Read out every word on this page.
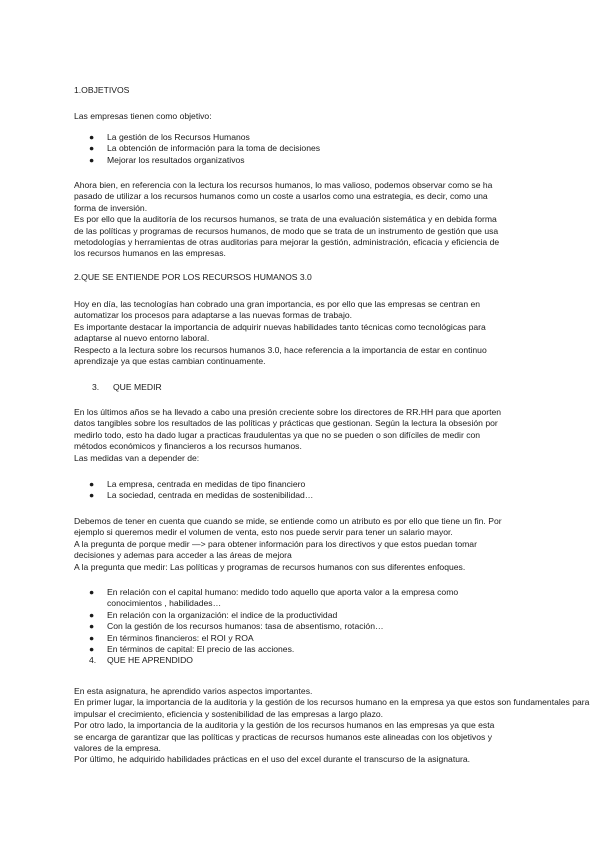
1.OBJETIVOS

Las empresas tienen como objetivo:

● La gestión de los Recursos Humanos
● La obtención de información para la toma de decisiones
● Mejorar los resultados organizativos

Ahora bien, en referencia con la lectura los recursos humanos, lo mas valioso, podemos observar como se ha

pasado de utilizar a los recursos humanos como un coste a usarlos como una estrategia, es decir, como una

forma de inversión.

Es por ello que la auditoría de los recursos humanos, se trata de una evaluación sistemática y en debida forma

de las políticas y programas de recursos humanos, de modo que se trata de un instrumento de gestión que usa

metodologías y herramientas de otras auditorias para mejorar la gestión, administración, eficacia y eficiencia de

los recursos humanos en las empresas.

2.QUE SE ENTIENDE POR LOS RECURSOS HUMANOS 3.0

Hoy en día, las tecnologías han cobrado una gran importancia, es por ello que las empresas se centran en

automatizar los procesos para adaptarse a las nuevas formas de trabajo.

Es importante destacar la importancia de adquirir nuevas habilidades tanto técnicas como tecnológicas para

adaptarse al nuevo entorno laboral.

Respecto a la lectura sobre los recursos humanos 3.0, hace referencia a la importancia de estar en continuo

aprendizaje ya que estas cambian continuamente.

3. QUE MEDIR

En los últimos años se ha llevado a cabo una presión creciente sobre los directores de RR.HH para que aporten

datos tangibles sobre los resultados de las políticas y prácticas que gestionan. Según la lectura la obsesión por

medirlo todo, esto ha dado lugar a practicas fraudulentas ya que no se pueden o son difíciles de medir con

métodos económicos y financieros a los recursos humanos.

Las medidas van a depender de:

● La empresa, centrada en medidas de tipo financiero
● La sociedad, centrada en medidas de sostenibilidad…

Debemos de tener en cuenta que cuando se mide, se entiende como un atributo es por ello que tiene un fin. Por

ejemplo si queremos medir el volumen de venta, esto nos puede servir para tener un salario mayor.

A la pregunta de porque medir —> para obtener información para los directivos y que estos puedan tomar

decisiones y ademas para acceder a las áreas de mejora

A la pregunta que medir: Las políticas y programas de recursos humanos con sus diferentes enfoques.

● En relación con el capital humano: medido todo aquello que aporta valor a la empresa como
conocimientos , habilidades…
● En relación con la organización: el indice de la productividad
● Con la gestión de los recursos humanos: tasa de absentismo, rotación…
● En términos financieros: el ROI y ROA
● En términos de capital: El precio de las acciones.
4. QUE HE APRENDIDO

En esta asignatura, he aprendido varios aspectos importantes.

En primer lugar, la importancia de la auditoria y la gestión de los recursos humano en la empresa ya que estos son fundamentales para

impulsar el crecimiento, eficiencia y sostenibilidad de las empresas a largo plazo.

Por otro lado, la importancia de la auditoria y la gestión de los recursos humanos en las empresas ya que esta

se encarga de garantizar que las políticas y practicas de recursos humanos este alineadas con los objetivos y

valores de la empresa.

Por último, he adquirido habilidades prácticas en el uso del excel durante el transcurso de la asignatura.
